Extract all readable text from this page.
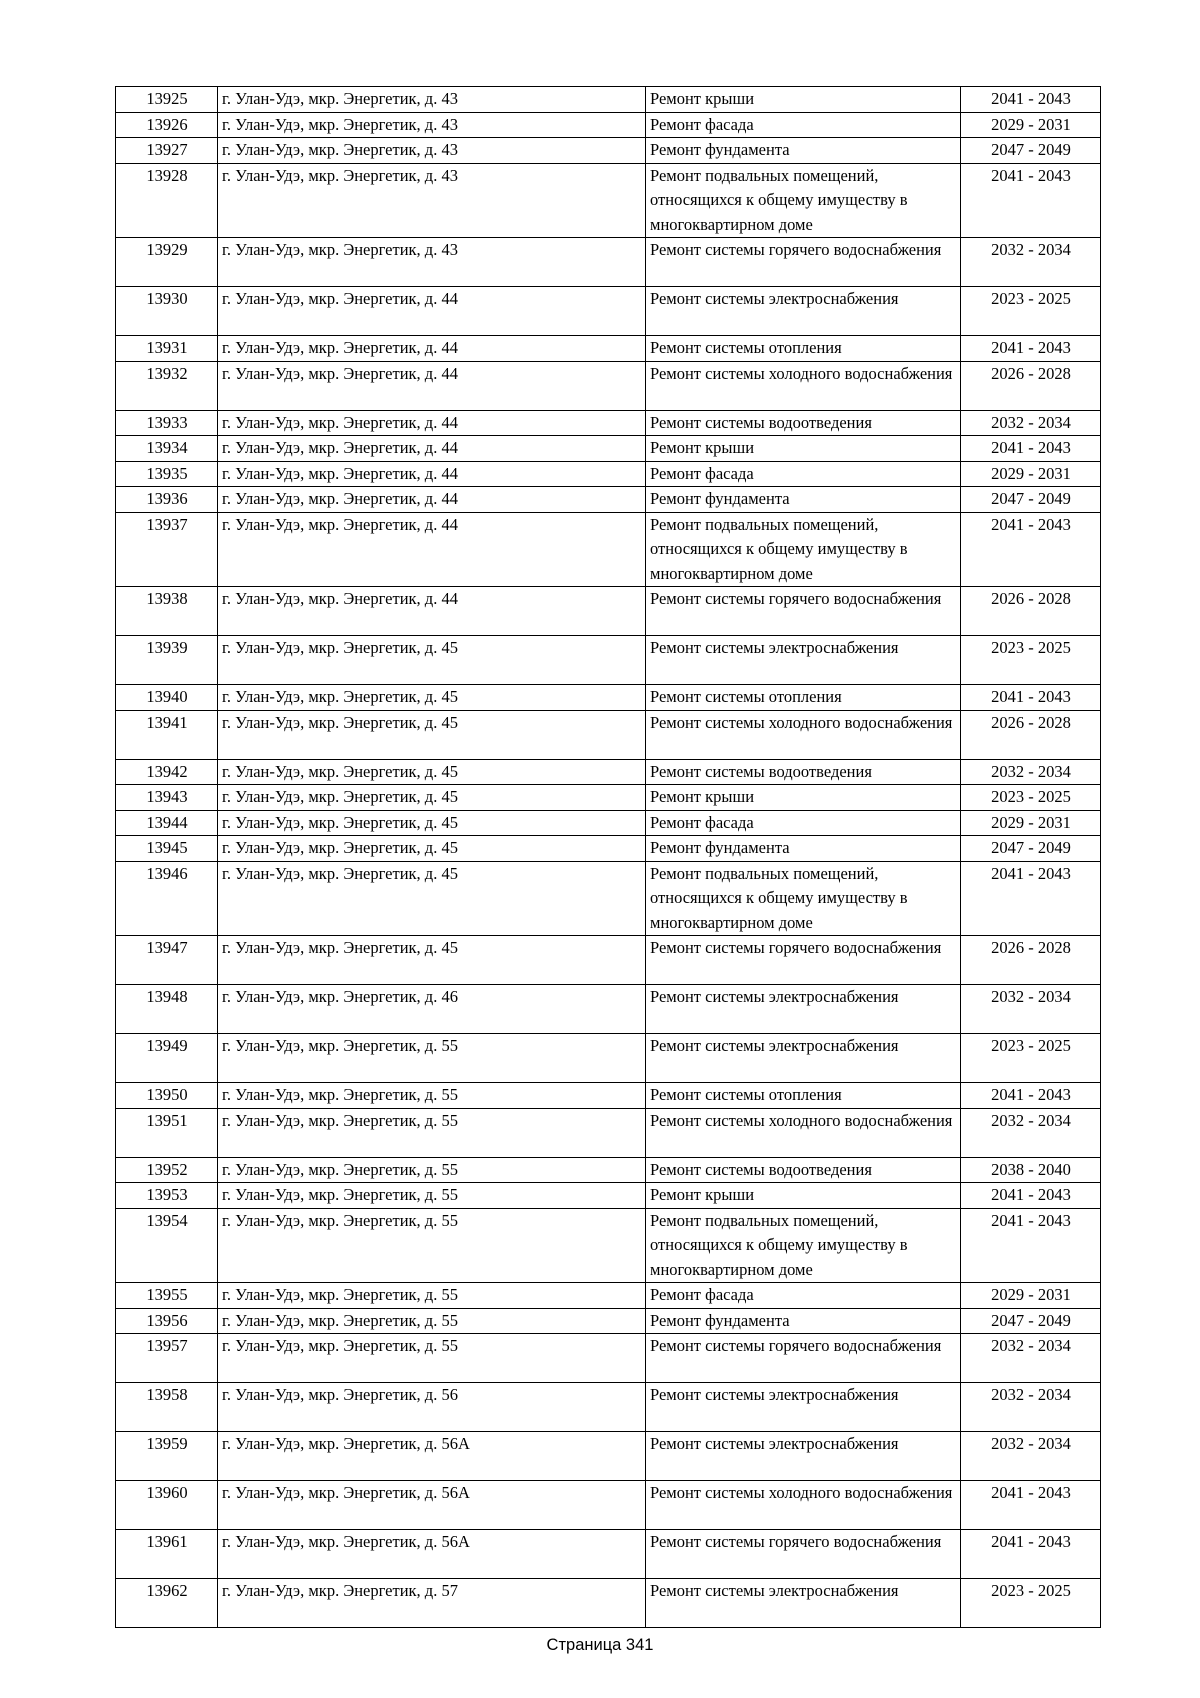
13925	г. Улан-Удэ, мкр. Энергетик, д. 43	Ремонт крыши	2041 - 2043
13926	г. Улан-Удэ, мкр. Энергетик, д. 43	Ремонт фасада	2029 - 2031
13927	г. Улан-Удэ, мкр. Энергетик, д. 43	Ремонт фундамента	2047 - 2049
13928	г. Улан-Удэ, мкр. Энергетик, д. 43	Ремонт подвальных помещений, относящихся к общему имуществу в многоквартирном доме	2041 - 2043
13929	г. Улан-Удэ, мкр. Энергетик, д. 43	Ремонт системы горячего водоснабжения	2032 - 2034
13930	г. Улан-Удэ, мкр. Энергетик, д. 44	Ремонт системы электроснабжения	2023 - 2025
13931	г. Улан-Удэ, мкр. Энергетик, д. 44	Ремонт системы отопления	2041 - 2043
13932	г. Улан-Удэ, мкр. Энергетик, д. 44	Ремонт системы холодного водоснабжения	2026 - 2028
13933	г. Улан-Удэ, мкр. Энергетик, д. 44	Ремонт системы водоотведения	2032 - 2034
13934	г. Улан-Удэ, мкр. Энергетик, д. 44	Ремонт крыши	2041 - 2043
13935	г. Улан-Удэ, мкр. Энергетик, д. 44	Ремонт фасада	2029 - 2031
13936	г. Улан-Удэ, мкр. Энергетик, д. 44	Ремонт фундамента	2047 - 2049
13937	г. Улан-Удэ, мкр. Энергетик, д. 44	Ремонт подвальных помещений, относящихся к общему имуществу в многоквартирном доме	2041 - 2043
13938	г. Улан-Удэ, мкр. Энергетик, д. 44	Ремонт системы горячего водоснабжения	2026 - 2028
13939	г. Улан-Удэ, мкр. Энергетик, д. 45	Ремонт системы электроснабжения	2023 - 2025
13940	г. Улан-Удэ, мкр. Энергетик, д. 45	Ремонт системы отопления	2041 - 2043
13941	г. Улан-Удэ, мкр. Энергетик, д. 45	Ремонт системы холодного водоснабжения	2026 - 2028
13942	г. Улан-Удэ, мкр. Энергетик, д. 45	Ремонт системы водоотведения	2032 - 2034
13943	г. Улан-Удэ, мкр. Энергетик, д. 45	Ремонт крыши	2023 - 2025
13944	г. Улан-Удэ, мкр. Энергетик, д. 45	Ремонт фасада	2029 - 2031
13945	г. Улан-Удэ, мкр. Энергетик, д. 45	Ремонт фундамента	2047 - 2049
13946	г. Улан-Удэ, мкр. Энергетик, д. 45	Ремонт подвальных помещений, относящихся к общему имуществу в многоквартирном доме	2041 - 2043
13947	г. Улан-Удэ, мкр. Энергетик, д. 45	Ремонт системы горячего водоснабжения	2026 - 2028
13948	г. Улан-Удэ, мкр. Энергетик, д. 46	Ремонт системы электроснабжения	2032 - 2034
13949	г. Улан-Удэ, мкр. Энергетик, д. 55	Ремонт системы электроснабжения	2023 - 2025
13950	г. Улан-Удэ, мкр. Энергетик, д. 55	Ремонт системы отопления	2041 - 2043
13951	г. Улан-Удэ, мкр. Энергетик, д. 55	Ремонт системы холодного водоснабжения	2032 - 2034
13952	г. Улан-Удэ, мкр. Энергетик, д. 55	Ремонт системы водоотведения	2038 - 2040
13953	г. Улан-Удэ, мкр. Энергетик, д. 55	Ремонт крыши	2041 - 2043
13954	г. Улан-Удэ, мкр. Энергетик, д. 55	Ремонт подвальных помещений, относящихся к общему имуществу в многоквартирном доме	2041 - 2043
13955	г. Улан-Удэ, мкр. Энергетик, д. 55	Ремонт фасада	2029 - 2031
13956	г. Улан-Удэ, мкр. Энергетик, д. 55	Ремонт фундамента	2047 - 2049
13957	г. Улан-Удэ, мкр. Энергетик, д. 55	Ремонт системы горячего водоснабжения	2032 - 2034
13958	г. Улан-Удэ, мкр. Энергетик, д. 56	Ремонт системы электроснабжения	2032 - 2034
13959	г. Улан-Удэ, мкр. Энергетик, д. 56А	Ремонт системы электроснабжения	2032 - 2034
13960	г. Улан-Удэ, мкр. Энергетик, д. 56А	Ремонт системы холодного водоснабжения	2041 - 2043
13961	г. Улан-Удэ, мкр. Энергетик, д. 56А	Ремонт системы горячего водоснабжения	2041 - 2043
13962	г. Улан-Удэ, мкр. Энергетик, д. 57	Ремонт системы электроснабжения	2023 - 2025
Страница 341
